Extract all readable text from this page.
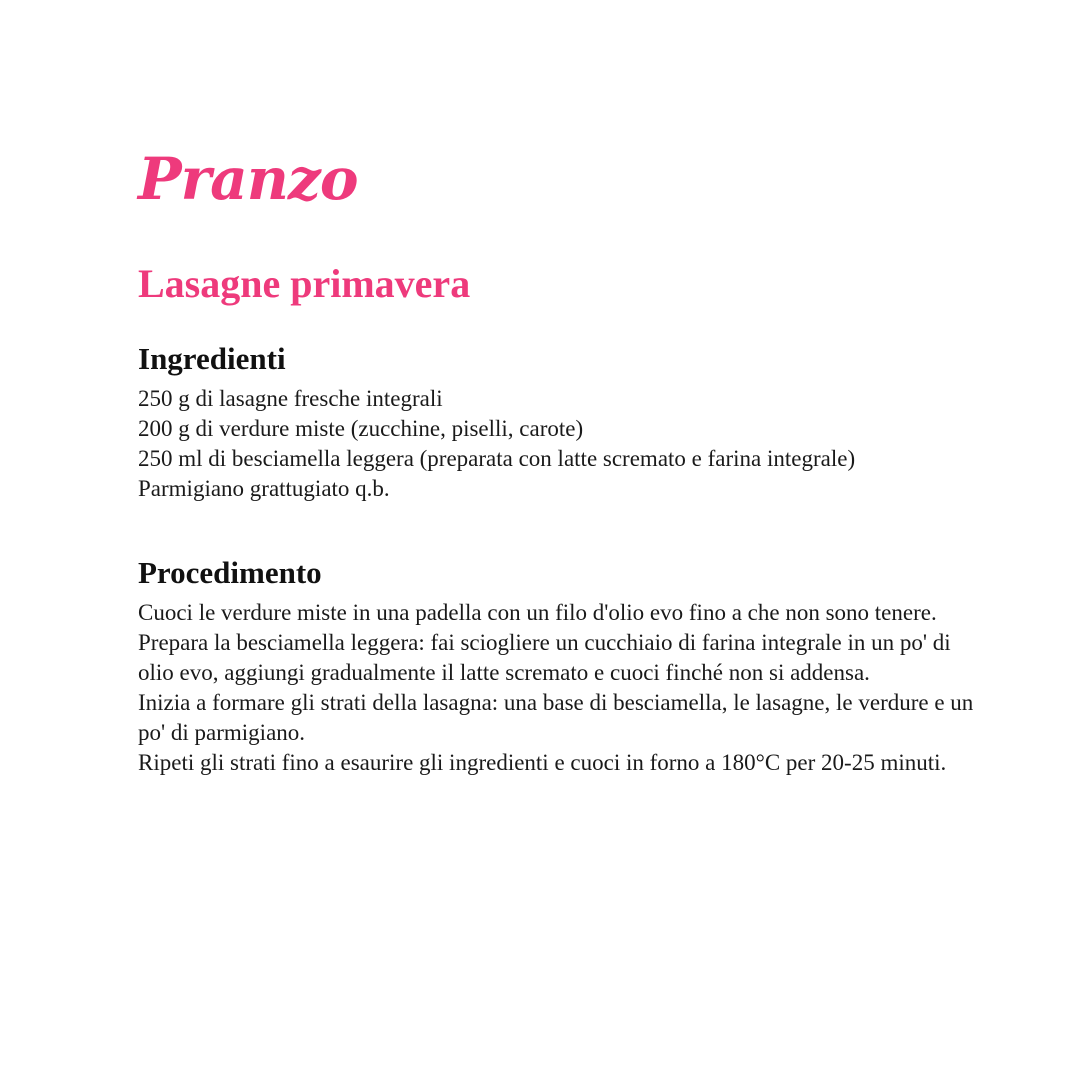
Pranzo
Lasagne primavera
Ingredienti
250 g di lasagne fresche integrali
200 g di verdure miste (zucchine, piselli, carote)
250 ml di besciamella leggera (preparata con latte scremato e farina integrale)
Parmigiano grattugiato q.b.
Procedimento
Cuoci le verdure miste in una padella con un filo d'olio evo fino a che non sono tenere.
Prepara la besciamella leggera: fai sciogliere un cucchiaio di farina integrale in un po' di olio evo, aggiungi gradualmente il latte scremato e cuoci finché non si addensa.
Inizia a formare gli strati della lasagna: una base di besciamella, le lasagne, le verdure e un po' di parmigiano.
Ripeti gli strati fino a esaurire gli ingredienti e cuoci in forno a 180°C per 20-25 minuti.
